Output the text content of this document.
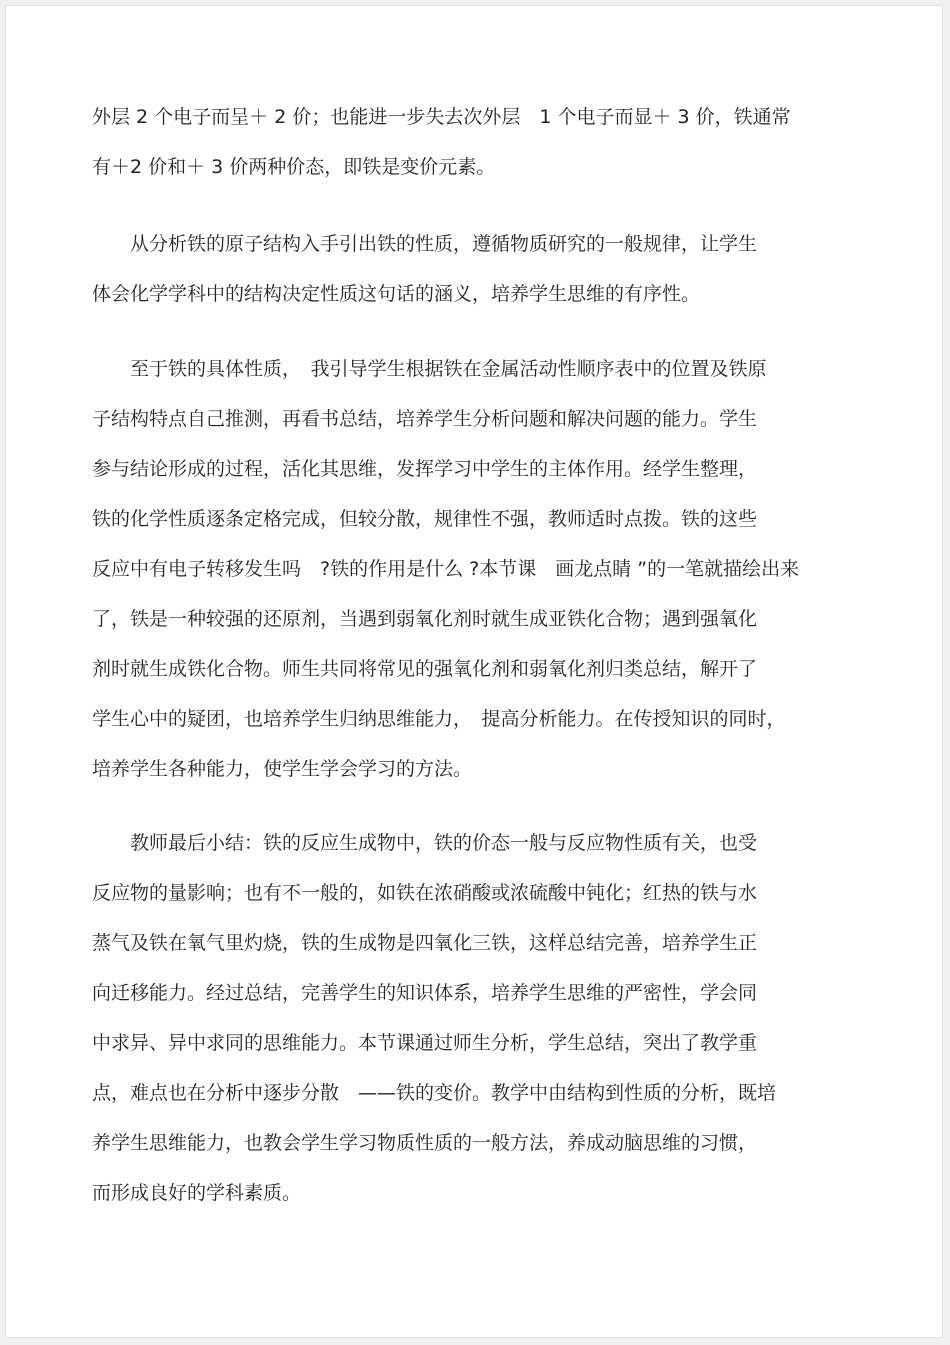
外层 2 个电子而呈＋ 2 价；也能进一步失去次外层　1 个电子而显＋ 3 价，铁通常

有＋2 价和＋ 3 价两种价态，即铁是变价元素。

　　从分析铁的原子结构入手引出铁的性质，遵循物质研究的一般规律，让学生

体会化学学科中的结构决定性质这句话的涵义，培养学生思维的有序性。

　　至于铁的具体性质，　我引导学生根据铁在金属活动性顺序表中的位置及铁原

子结构特点自己推测，再看书总结，培养学生分析问题和解决问题的能力。学生

参与结论形成的过程，活化其思维，发挥学习中学生的主体作用。经学生整理，

铁的化学性质逐条定格完成，但较分散，规律性不强，教师适时点拨。铁的这些

反应中有电子转移发生吗　?铁的作用是什么 ?本节课　画龙点睛 ”的一笔就描绘出来

了，铁是一种较强的还原剂，当遇到弱氧化剂时就生成亚铁化合物；遇到强氧化

剂时就生成铁化合物。师生共同将常见的强氧化剂和弱氧化剂归类总结，解开了

学生心中的疑团，也培养学生归纳思维能力，　提高分析能力。在传授知识的同时，

培养学生各种能力，使学生学会学习的方法。

　　教师最后小结：铁的反应生成物中，铁的价态一般与反应物性质有关，也受

反应物的量影响；也有不一般的，如铁在浓硝酸或浓硫酸中钝化；红热的铁与水

蒸气及铁在氧气里灼烧，铁的生成物是四氧化三铁，这样总结完善，培养学生正

向迁移能力。经过总结，完善学生的知识体系，培养学生思维的严密性，学会同

中求异、异中求同的思维能力。本节课通过师生分析，学生总结，突出了教学重

点，难点也在分析中逐步分散　——铁的变价。教学中由结构到性质的分析，既培

养学生思维能力，也教会学生学习物质性质的一般方法，养成动脑思维的习惯，

而形成良好的学科素质。
